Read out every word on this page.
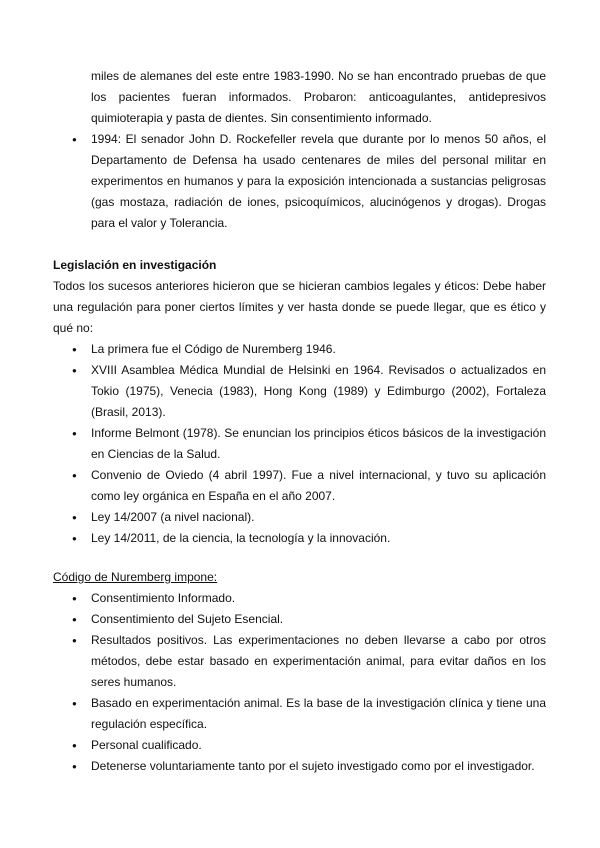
miles de alemanes del este entre 1983-1990. No se han encontrado pruebas de que los pacientes fueran informados. Probaron: anticoagulantes, antidepresivos quimioterapia y pasta de dientes. Sin consentimiento informado.
● 1994: El senador John D. Rockefeller revela que durante por lo menos 50 años, el Departamento de Defensa ha usado centenares de miles del personal militar en experimentos en humanos y para la exposición intencionada a sustancias peligrosas (gas mostaza, radiación de iones, psicoquímicos, alucinógenos y drogas). Drogas para el valor y Tolerancia.
Legislación en investigación
Todos los sucesos anteriores hicieron que se hicieran cambios legales y éticos: Debe haber una regulación para poner ciertos límites y ver hasta donde se puede llegar, que es ético y qué no:
● La primera fue el Código de Nuremberg 1946.
● XVIII Asamblea Médica Mundial de Helsinki en 1964. Revisados o actualizados en Tokio (1975), Venecia (1983), Hong Kong (1989) y Edimburgo (2002), Fortaleza (Brasil, 2013).
● Informe Belmont (1978). Se enuncian los principios éticos básicos de la investigación en Ciencias de la Salud.
● Convenio de Oviedo (4 abril 1997). Fue a nivel internacional, y tuvo su aplicación como ley orgánica en España en el año 2007.
● Ley 14/2007 (a nivel nacional).
● Ley 14/2011, de la ciencia, la tecnología y la innovación.
Código de Nuremberg impone:
● Consentimiento Informado.
● Consentimiento del Sujeto Esencial.
● Resultados positivos. Las experimentaciones no deben llevarse a cabo por otros métodos, debe estar basado en experimentación animal, para evitar daños en los seres humanos.
● Basado en experimentación animal. Es la base de la investigación clínica y tiene una regulación específica.
● Personal cualificado.
● Detenerse voluntariamente tanto por el sujeto investigado como por el investigador.
